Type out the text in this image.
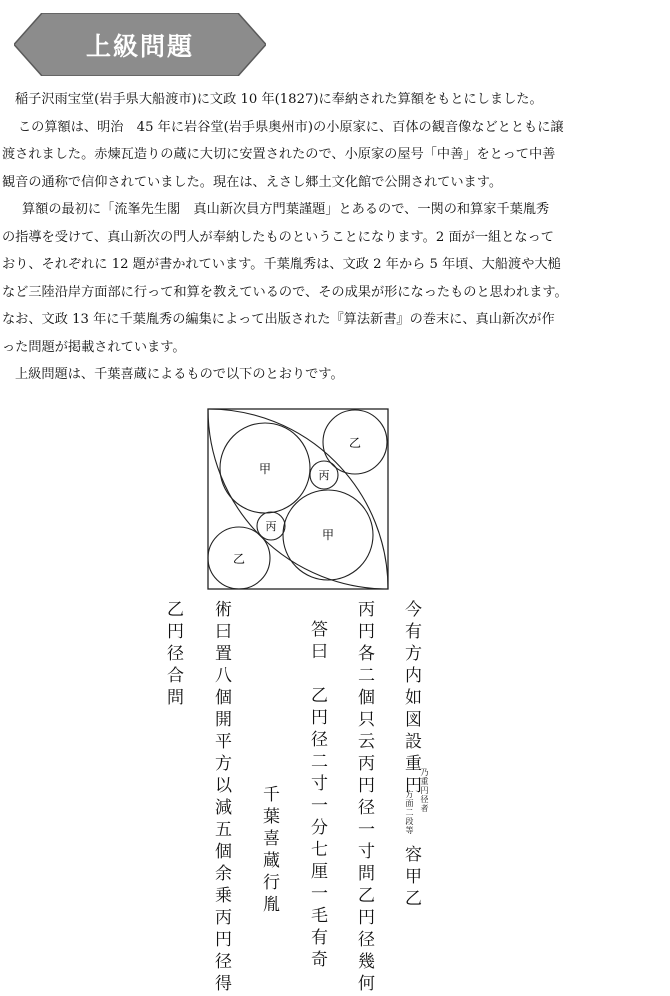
上級問題

稲子沢雨宝堂(岩手県大船渡市)に文政 10 年(1827)に奉納された算額をもとにしました。

この算額は、明治　45 年に岩谷堂(岩手県奥州市)の小原家に、百体の観音像などとともに譲

渡されました。赤煉瓦造りの蔵に大切に安置されたので、小原家の屋号「中善」をとって中善

観音の通称で信仰されていました。現在は、えさし郷土文化館で公開されています。

算額の最初に「流峯先生閣　真山新次員方門葉謹題」とあるので、一関の和算家千葉胤秀

の指導を受けて、真山新次の門人が奉納したものということになります。2 面が一組となって

おり、それぞれに 12 題が書かれています。千葉胤秀は、文政 2 年から 5 年頃、大船渡や大槌

など三陸沿岸方面部に行って和算を教えているので、その成果が形になったものと思われます。

なお、文政 13 年に千葉胤秀の編集によって出版された『算法新書』の巻末に、真山新次が作

った問題が掲載されています。

上級問題は、千葉喜蔵によるもので以下のとおりです。

甲
甲
乙
乙
丙
丙
今有方内如図設重円 乃重円径者
方面二段等
容甲乙
丙円各二個只云丙円径一寸問乙円径幾何
答曰　乙円径二寸一分七厘一毛有奇
千葉喜蔵行胤
術曰置八個開平方以減五個余乗丙円径得
乙円径合問
